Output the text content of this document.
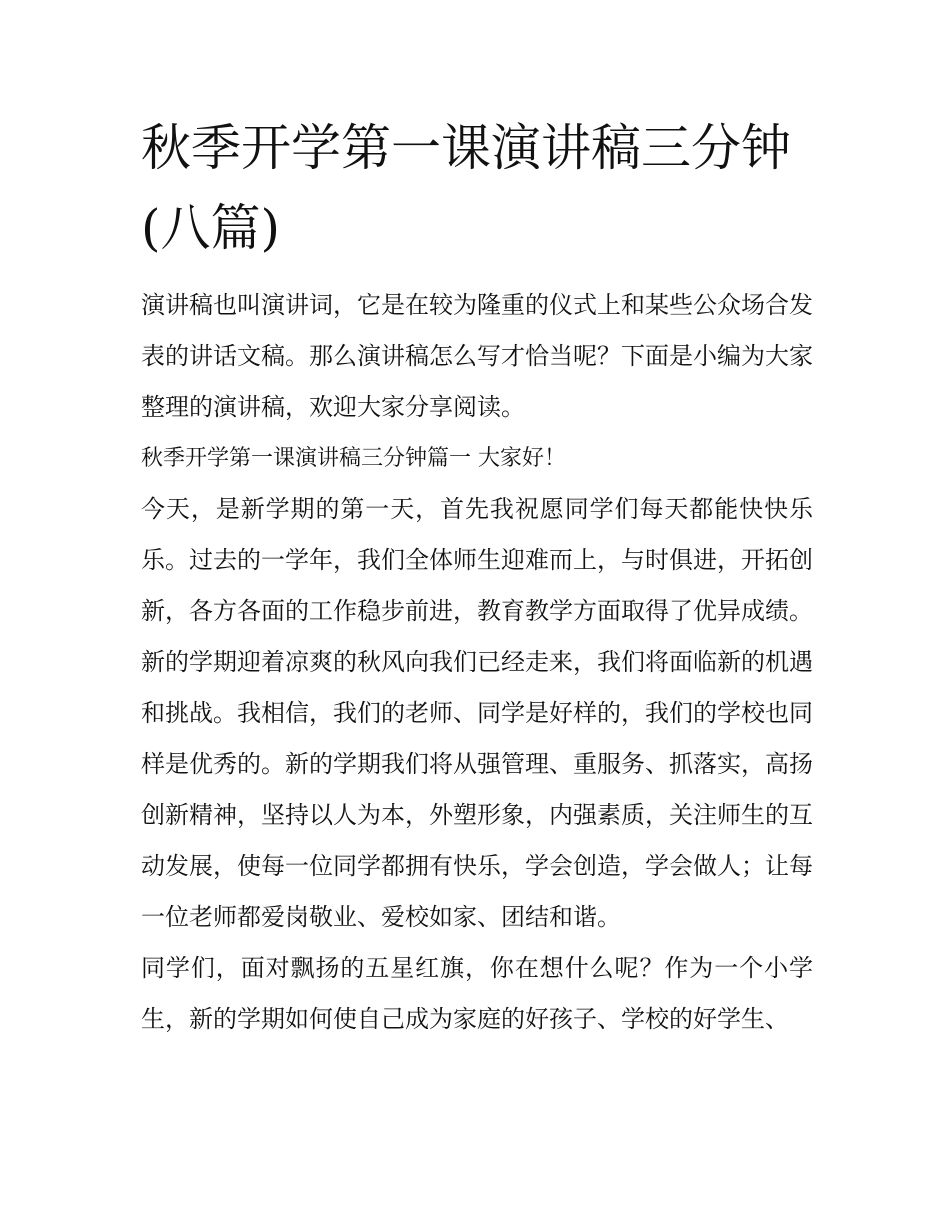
秋季开学第一课演讲稿三分钟(八篇)

演讲稿也叫演讲词，它是在较为隆重的仪式上和某些公众场合发表的讲话文稿。那么演讲稿怎么写才恰当呢？下面是小编为大家整理的演讲稿，欢迎大家分享阅读。

秋季开学第一课演讲稿三分钟篇一 大家好！

今天，是新学期的第一天，首先我祝愿同学们每天都能快快乐乐。过去的一学年，我们全体师生迎难而上，与时俱进，开拓创新，各方各面的工作稳步前进，教育教学方面取得了优异成绩。

新的学期迎着凉爽的秋风向我们已经走来，我们将面临新的机遇和挑战。我相信，我们的老师、同学是好样的，我们的学校也同样是优秀的。新的学期我们将从强管理、重服务、抓落实，高扬创新精神，坚持以人为本，外塑形象，内强素质，关注师生的互动发展，使每一位同学都拥有快乐，学会创造，学会做人；让每一位老师都爱岗敬业、爱校如家、团结和谐。

同学们，面对飘扬的五星红旗，你在想什么呢？作为一个小学生，新的学期如何使自己成为家庭的好孩子、学校的好学生、
